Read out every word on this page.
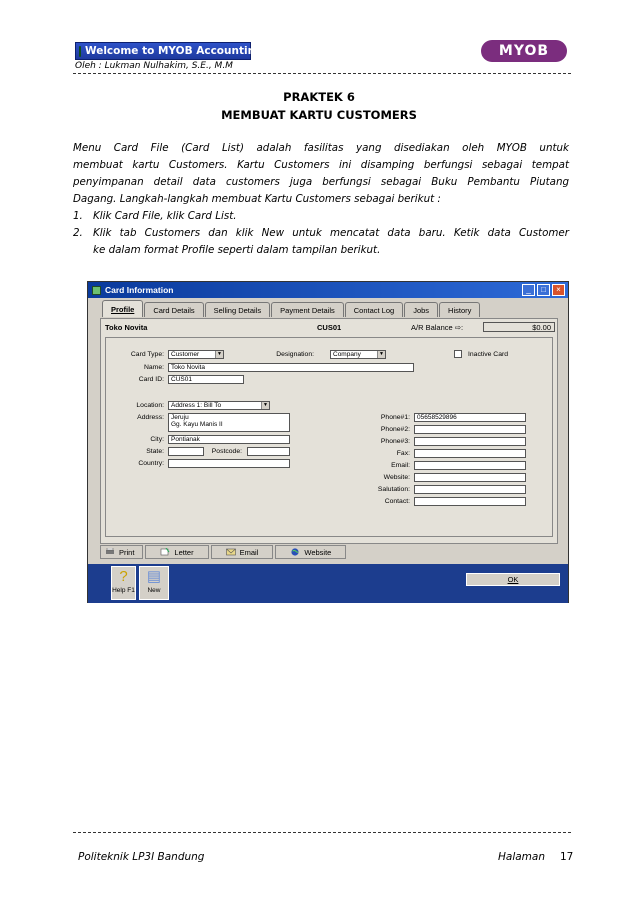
Welcome to MYOB Accounting	MYOB
Oleh : Lukman Nulhakim, S.E., M.M
PRAKTEK 6
MEMBUAT KARTU CUSTOMERS
Menu Card File (Card List) adalah fasilitas yang disediakan oleh MYOB untuk
membuat kartu Customers. Kartu Customers ini disamping berfungsi sebagai tempat
penyimpanan detail data customers juga berfungsi sebagai Buku Pembantu Piutang
Dagang. Langkah-langkah membuat Kartu Customers sebagai berikut :
1. Klik Card File, klik Card List.
2. Klik tab Customers dan klik New untuk mencatat data baru. Ketik data Customer
ke dalam format Profile seperti dalam tampilan berikut.
Card Information	_	□	×
Profile	Card Details	Selling Details	Payment Details	Contact Log	Jobs	History
Toko Novita	CUS01	A/R Balance ⇨:	$0.00
Card Type:	Customer	▼	Designation:	Company	▼	Inactive Card
Name:	Toko Novita
Card ID:	CUS01
Location:	Address 1: Bill To	▼
Address: Jeruju
Gg. Kayu Manis II
City:	Pontianak
State:	Postcode:
Country:
Phone#1:	05658529896
Phone#2:
Phone#3:
Fax:
Email:
Website:
Salutation:
Contact:
Print	Letter	Email	Website
?
Help F1
▤
New
OK
Politeknik LP3I Bandung	Halaman 17
